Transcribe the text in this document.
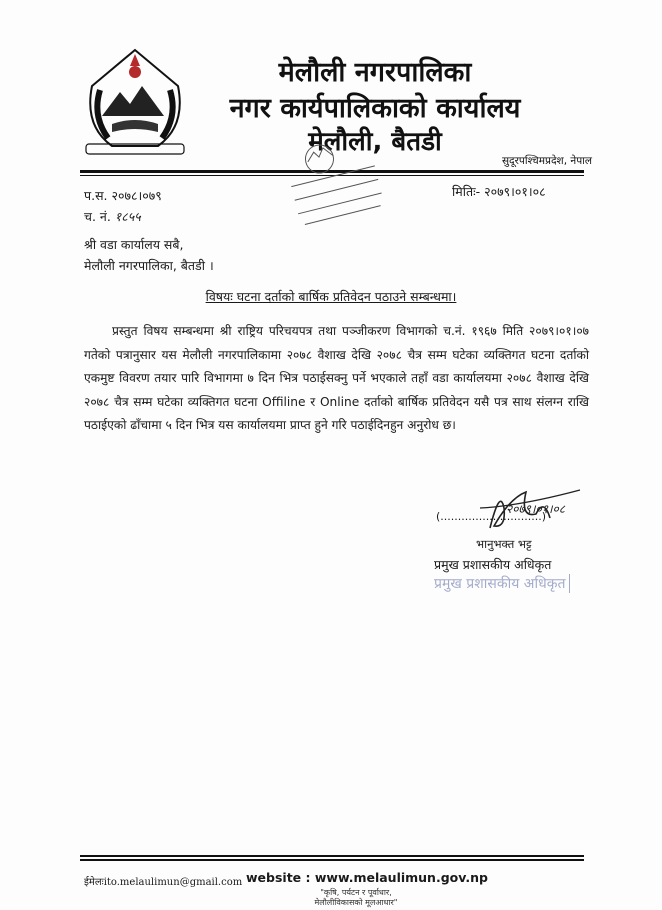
मेलौली नगरपालिका
नगर कार्यपालिकाको कार्यालय
मेलौली, बैतडी
सुदूरपश्चिमप्रदेश, नेपाल
प.स. २०७८।०७९
च. नं. १८५५
मितिः- २०७९।०१।०८
श्री वडा कार्यालय सबै,
मेलौली नगरपालिका, बैतडी ।
विषयः घटना दर्ताको बार्षिक प्रतिवेदन पठाउने सम्बन्धमा।
प्रस्तुत विषय सम्बन्धमा श्री राष्ट्रिय परिचयपत्र तथा पञ्जीकरण विभागको च.नं. १९६७ मिति २०७९।०१।०७ गतेको पत्रानुसार यस मेलौली नगरपालिकामा २०७८ वैशाख देखि २०७८ चैत्र सम्म घटेका व्यक्तिगत घटना दर्ताको एकमुष्ट विवरण तयार पारि विभागमा ७ दिन भित्र पठाईसक्नु पर्ने भएकाले तहाँ वडा कार्यालयमा २०७८ वैशाख देखि २०७८ चैत्र सम्म घटेका व्यक्तिगत घटना Offiline र Online दर्ताको बार्षिक प्रतिवेदन यसै पत्र साथ संलग्न राखि पठाईएको ढाँचामा ५ दिन भित्र यस कार्यालयमा प्राप्त हुने गरि पठाईदिनहुन अनुरोध छ।
(.............................)
२०७९।०१।०८
भानुभक्त भट्ट
प्रमुख प्रशासकीय अधिकृत
प्रमुख प्रशासकीय अधिकृत
ईमेलःito.melaulimun@gmail.com website : www.melaulimun.gov.np
"कृषि, पर्यटन र पूर्वाधार,
मेलौलीविकासको मूलआधार"
